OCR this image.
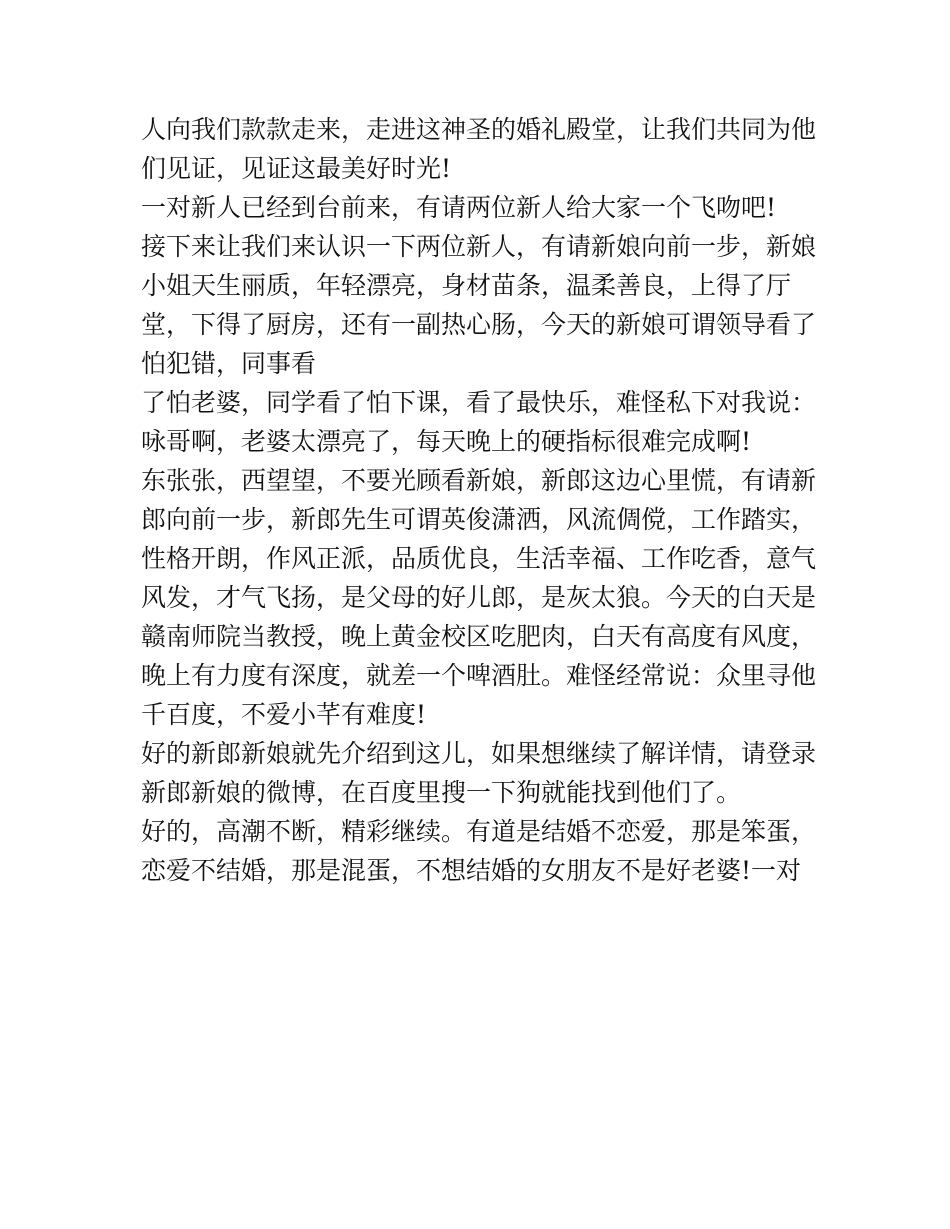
人向我们款款走来，走进这神圣的婚礼殿堂，让我们共同为他
们见证，见证这最美好时光!
一对新人已经到台前来，有请两位新人给大家一个飞吻吧!
接下来让我们来认识一下两位新人，有请新娘向前一步，新娘
小姐天生丽质，年轻漂亮，身材苗条，温柔善良，上得了厅
堂，下得了厨房，还有一副热心肠，今天的新娘可谓领导看了
怕犯错，同事看
了怕老婆，同学看了怕下课，看了最快乐，难怪私下对我说：
咏哥啊，老婆太漂亮了，每天晚上的硬指标很难完成啊!
东张张，西望望，不要光顾看新娘，新郎这边心里慌，有请新
郎向前一步，新郎先生可谓英俊潇洒，风流倜傥，工作踏实，
性格开朗，作风正派，品质优良，生活幸福、工作吃香，意气
风发，才气飞扬，是父母的好儿郎，是灰太狼。今天的白天是
赣南师院当教授，晚上黄金校区吃肥肉，白天有高度有风度，
晚上有力度有深度，就差一个啤酒肚。难怪经常说：众里寻他
千百度，不爱小芊有难度!
好的新郎新娘就先介绍到这儿，如果想继续了解详情，请登录
新郎新娘的微博，在百度里搜一下狗就能找到他们了。
好的，高潮不断，精彩继续。有道是结婚不恋爱，那是笨蛋，
恋爱不结婚，那是混蛋，不想结婚的女朋友不是好老婆!一对
